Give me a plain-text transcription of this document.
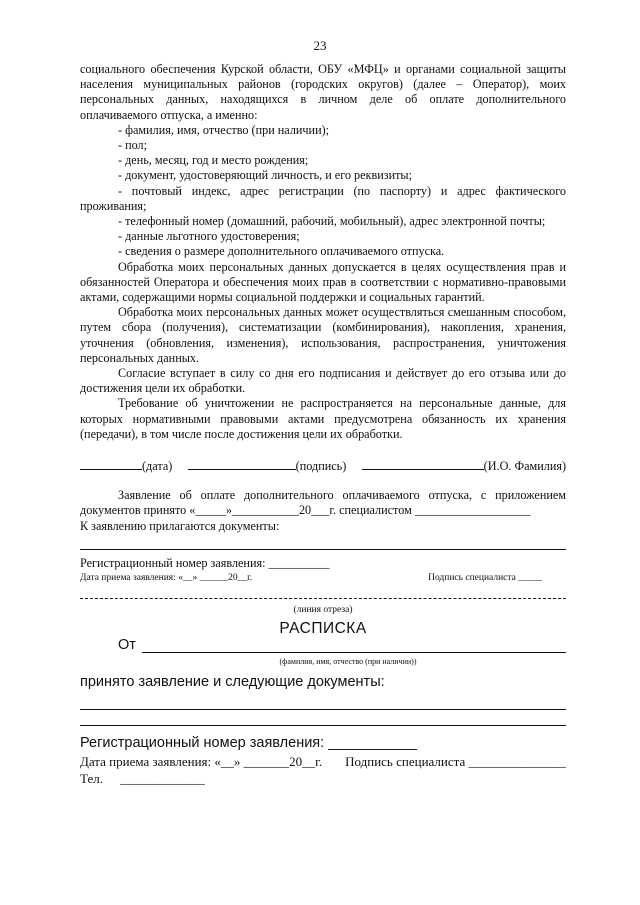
23

социального обеспечения Курской области, ОБУ «МФЦ» и органами социальной защиты населения муниципальных районов (городских округов) (далее – Оператор), моих персональных данных, находящихся в личном деле об оплате дополнительного оплачиваемого отпуска, а именно:

- фамилия, имя, отчество (при наличии);

- пол;

- день, месяц, год и место рождения;

- документ, удостоверяющий личность, и его реквизиты;

- почтовый индекс, адрес регистрации (по паспорту) и адрес фактического проживания;

- телефонный номер (домашний, рабочий, мобильный), адрес электронной почты;

- данные льготного удостоверения;

- сведения о размере дополнительного оплачиваемого отпуска.

Обработка моих персональных данных допускается в целях осуществления прав и обязанностей Оператора и обеспечения моих прав в соответствии с нормативно-правовыми актами, содержащими нормы социальной поддержки и социальных гарантий.

Обработка моих персональных данных может осуществляться смешанным способом, путем сбора (получения), систематизации (комбинирования), накопления, хранения, уточнения (обновления, изменения), использования, распространения, уничтожения персональных данных.

Согласие вступает в силу со дня его подписания и действует до его отзыва или до достижения цели их обработки.

Требование об уничтожении не распространяется на персональные данные, для которых нормативными правовыми актами предусмотрена обязанность их хранения (передачи), в том числе после достижения цели их обработки.

(дата)	(подпись)	(И.О. Фамилия)

Заявление об оплате дополнительного оплачиваемого отпуска, с приложением документов принято «_____»___________20___г. специалистом ___________________

К заявлению прилагаются документы:

Регистрационный номер заявления: __________
Дата приема заявления: «__» ______20__г.	Подпись специалиста _____
(линия отреза)
РАСПИСКА
От
(фамилия, имя, отчество (при наличии))
принято заявление и следующие документы:
Регистрационный номер заявления: ___________
Дата приема заявления: «__» _______20__г. Подпись специалиста _______________
Тел. _____________
